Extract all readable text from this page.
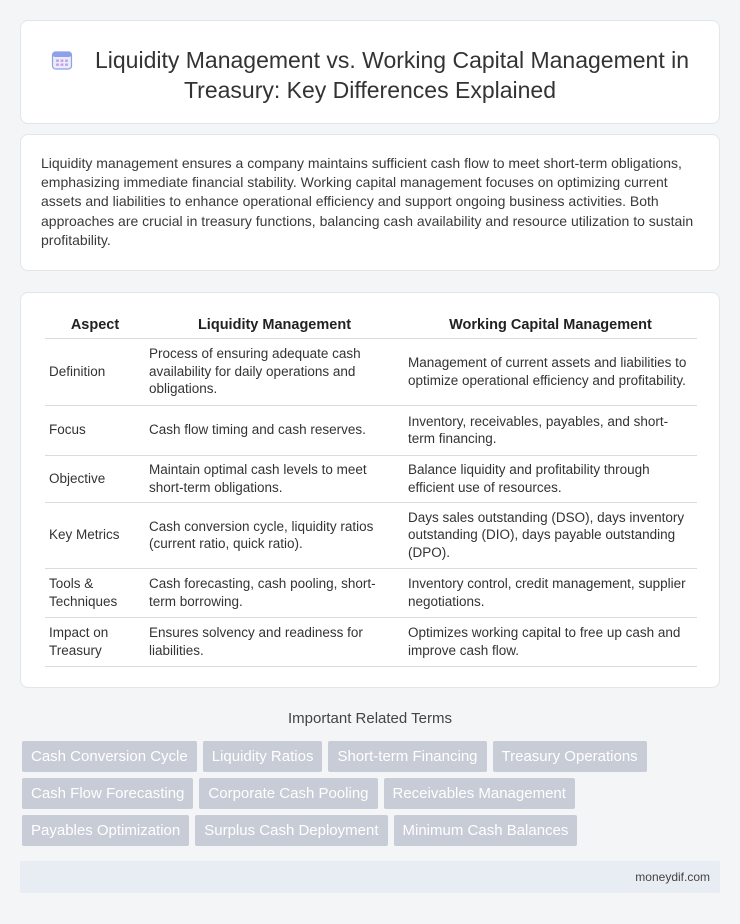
Liquidity Management vs. Working Capital Management in Treasury: Key Differences Explained

Liquidity management ensures a company maintains sufficient cash flow to meet short-term obligations, emphasizing immediate financial stability. Working capital management focuses on optimizing current assets and liabilities to enhance operational efficiency and support ongoing business activities. Both approaches are crucial in treasury functions, balancing cash availability and resource utilization to sustain profitability.

Aspect	Liquidity Management	Working Capital Management
Definition	Process of ensuring adequate cash availability for daily operations and obligations.	Management of current assets and liabilities to optimize operational efficiency and profitability.
Focus	Cash flow timing and cash reserves.	Inventory, receivables, payables, and short-term financing.
Objective	Maintain optimal cash levels to meet short-term obligations.	Balance liquidity and profitability through efficient use of resources.
Key Metrics	Cash conversion cycle, liquidity ratios (current ratio, quick ratio).	Days sales outstanding (DSO), days inventory outstanding (DIO), days payable outstanding (DPO).
Tools & Techniques	Cash forecasting, cash pooling, short-term borrowing.	Inventory control, credit management, supplier negotiations.
Impact on Treasury	Ensures solvency and readiness for liabilities.	Optimizes working capital to free up cash and improve cash flow.
Important Related Terms
Cash Conversion Cycle	Liquidity Ratios	Short-term Financing	Treasury Operations
Cash Flow Forecasting	Corporate Cash Pooling	Receivables Management
Payables Optimization	Surplus Cash Deployment	Minimum Cash Balances
moneydif.com
